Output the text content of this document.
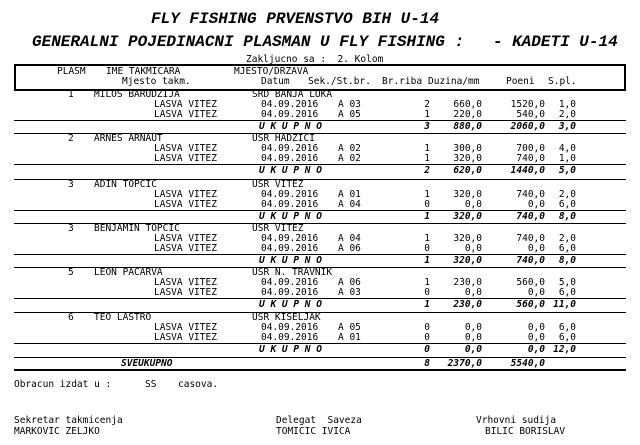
FLY FISHING PRVENSTVO BIH U-14
GENERALNI POJEDINACNI PLASMAN U FLY FISHING :   - KADETI U-14
Zakljucno sa :  2. Kolom
PLASM IME TAKMICARA	MJESTO/DRZAVA
Mjesto takm.	Datum Sek./St.br. Br.riba Duzina/mm	Poeni S.pl.
1 MILOS BARUDZIJA	SRD BANJA LUKA
LASVA VITEZ	04.09.2016 A 03	2	660,0	1520,0	1,0
LASVA VITEZ	04.09.2016 A 05	1	220,0	540,0	2,0
U K U P N O	3	880,0	2060,0	3,0
2 ARNES ARNAUT	USR HADZICI
LASVA VITEZ	04.09.2016 A 02	1	300,0	700,0	4,0
LASVA VITEZ	04.09.2016 A 02	1	320,0	740,0	1,0
U K U P N O	2	620,0	1440,0	5,0
3 ADIN TOPCIC	USR VITEZ
LASVA VITEZ	04.09.2016 A 01	1	320,0	740,0	2,0
LASVA VITEZ	04.09.2016 A 04	0	0,0	0,0	6,0
U K U P N O	1	320,0	740,0	8,0
3 BENJAMIN TOPCIC	USR VITEZ
LASVA VITEZ	04.09.2016 A 04	1	320,0	740,0	2,0
LASVA VITEZ	04.09.2016 A 06	0	0,0	0,0	6,0
U K U P N O	1	320,0	740,0	8,0
5 LEON PACARVA	USR N. TRAVNIK
LASVA VITEZ	04.09.2016 A 06	1	230,0	560,0	5,0
LASVA VITEZ	04.09.2016 A 03	0	0,0	0,0	6,0
U K U P N O	1	230,0	560,0 11,0
6 TEO LASTRO	USR KISELJAK
LASVA VITEZ	04.09.2016 A 05	0	0,0	0,0	6,0
LASVA VITEZ	04.09.2016 A 01	0	0,0	0,0	6,0
U K U P N O	0	0,0	0,0 12,0
SVEUKUPNO	8	2370,0	5540,0
Obracun izdat u :	SS casova.
Sekretar takmicenja
MARKOVIC ZELJKO
Delegat  Saveza
TOMICIC IVICA
Vrhovni sudija
BILIC BORISLAV
